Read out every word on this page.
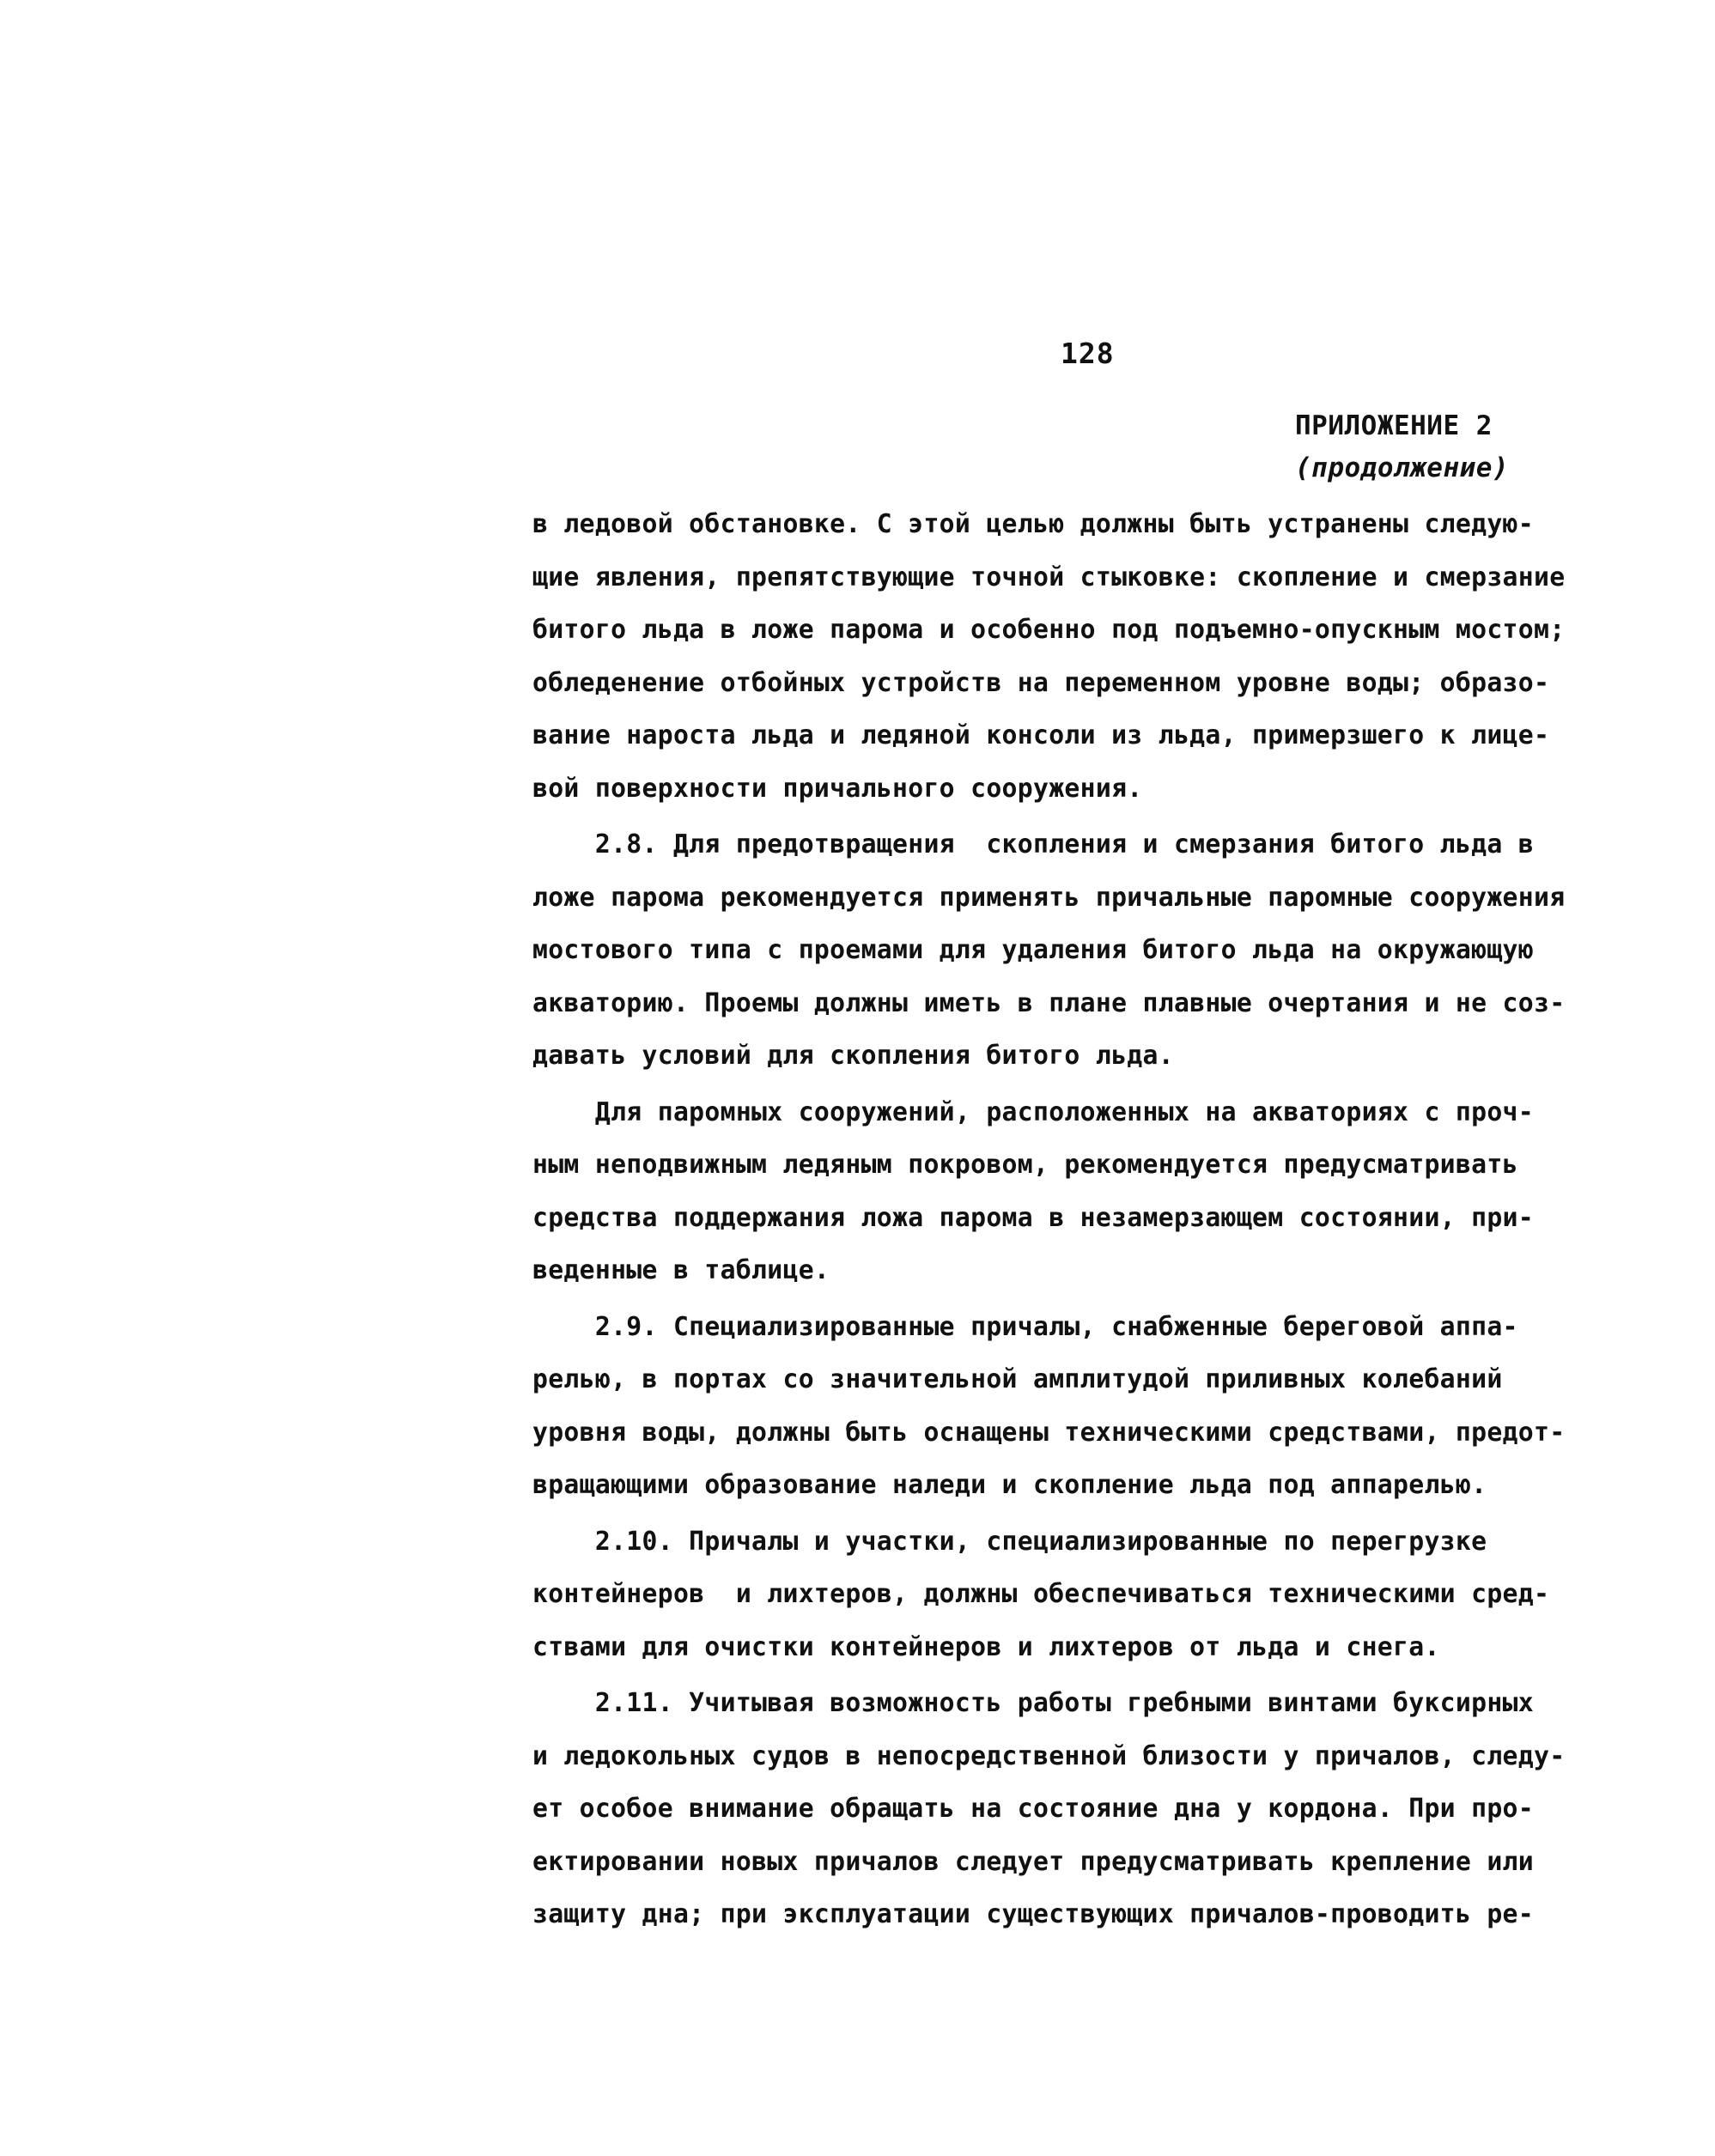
128
ПРИЛОЖЕНИЕ 2
(продолжение)
в ледовой обстановке. С этой целью должны быть устранены следую-
щие явления, препятствующие точной стыковке: скопление и смерзание
битого льда в ложе парома и особенно под подъемно-опускным мостом;
обледенение отбойных устройств на переменном уровне воды; образо-
вание нароста льда и ледяной консоли из льда, примерзшего к лице-
вой поверхности причального сооружения.
2.8. Для предотвращения  скопления и смерзания битого льда в
ложе парома рекомендуется применять причальные паромные сооружения
мостового типа с проемами для удаления битого льда на окружающую
акваторию. Проемы должны иметь в плане плавные очертания и не соз-
давать условий для скопления битого льда.
Для паромных сооружений, расположенных на акваториях с проч-
ным неподвижным ледяным покровом, рекомендуется предусматривать
средства поддержания ложа парома в незамерзающем состоянии, при-
веденные в таблице.
2.9. Специализированные причалы, снабженные береговой аппа-
релью, в портах со значительной амплитудой приливных колебаний
уровня воды, должны быть оснащены техническими средствами, предот-
вращающими образование наледи и скопление льда под аппарелью.
2.10. Причалы и участки, специализированные по перегрузке
контейнеров  и лихтеров, должны обеспечиваться техническими сред-
ствами для очистки контейнеров и лихтеров от льда и снега.
2.11. Учитывая возможность работы гребными винтами буксирных
и ледокольных судов в непосредственной близости у причалов, следу-
ет особое внимание обращать на состояние дна у кордона. При про-
ектировании новых причалов следует предусматривать крепление или
защиту дна; при эксплуатации существующих причалов-проводить ре-
